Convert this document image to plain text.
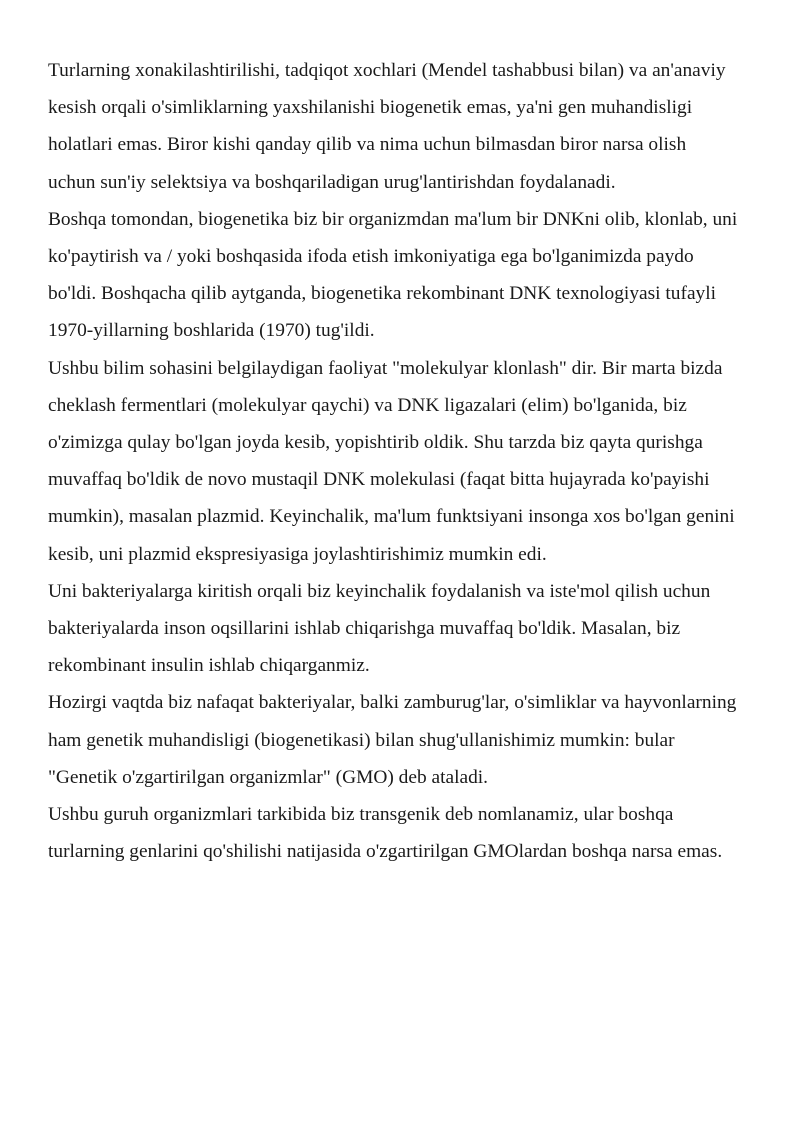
Turlarning xonakilashtirilishi, tadqiqot xochlari (Mendel tashabbusi bilan) va an'anaviy kesish orqali o'simliklarning yaxshilanishi biogenetik emas, ya'ni gen muhandisligi holatlari emas. Biror kishi qanday qilib va nima uchun bilmasdan biror narsa olish uchun sun'iy selektsiya va boshqariladigan urug'lantirishdan foydalanadi.

Boshqa tomondan, biogenetika biz bir organizmdan ma'lum bir DNKni olib, klonlab, uni ko'paytirish va / yoki boshqasida ifoda etish imkoniyatiga ega bo'lganimizda paydo bo'ldi. Boshqacha qilib aytganda, biogenetika rekombinant DNK texnologiyasi tufayli 1970-yillarning boshlarida (1970) tug'ildi.

Ushbu bilim sohasini belgilaydigan faoliyat "molekulyar klonlash" dir. Bir marta bizda cheklash fermentlari (molekulyar qaychi) va DNK ligazalari (elim) bo'lganida, biz o'zimizga qulay bo'lgan joyda kesib, yopishtirib oldik. Shu tarzda biz qayta qurishga muvaffaq bo'ldik de novo mustaqil DNK molekulasi (faqat bitta hujayrada ko'payishi mumkin), masalan plazmid. Keyinchalik, ma'lum funktsiyani insonga xos bo'lgan genini kesib, uni plazmid ekspresiyasiga joylashtirishimiz mumkin edi.

Uni bakteriyalarga kiritish orqali biz keyinchalik foydalanish va iste'mol qilish uchun bakteriyalarda inson oqsillarini ishlab chiqarishga muvaffaq bo'ldik. Masalan, biz rekombinant insulin ishlab chiqarganmiz.

Hozirgi vaqtda biz nafaqat bakteriyalar, balki zamburug'lar, o'simliklar va hayvonlarning ham genetik muhandisligi (biogenetikasi) bilan shug'ullanishimiz mumkin: bular "Genetik o'zgartirilgan organizmlar" (GMO) deb ataladi.

Ushbu guruh organizmlari tarkibida biz transgenik deb nomlanamiz, ular boshqa turlarning genlarini qo'shilishi natijasida o'zgartirilgan GMOlardan boshqa narsa emas.
